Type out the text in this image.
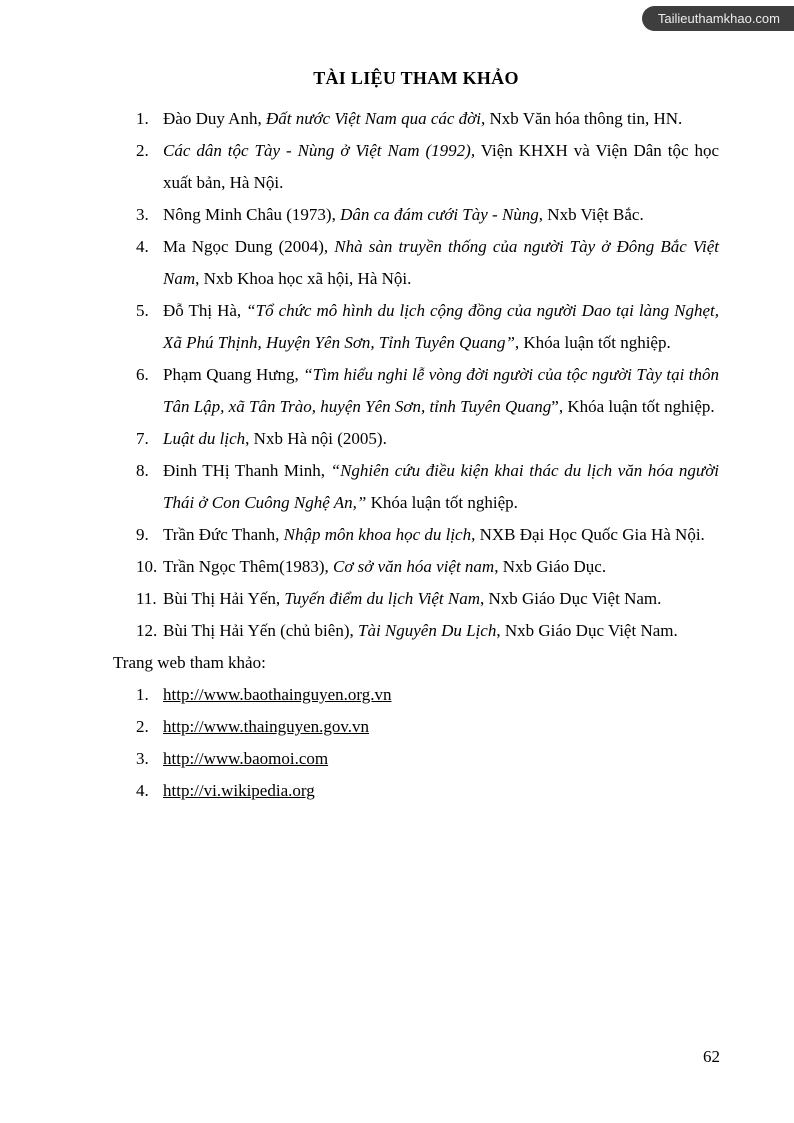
Tailieuthamkhao.com
TÀI LIỆU THAM KHẢO
1. Đào Duy Anh, Đất nước Việt Nam qua các đời, Nxb Văn hóa thông tin, HN.
2. Các dân tộc Tày - Nùng ở Việt Nam (1992), Viện KHXH và Viện Dân tộc học xuất bản, Hà Nội.
3. Nông Minh Châu (1973), Dân ca đám cưới Tày - Nùng, Nxb Việt Bắc.
4. Ma Ngọc Dung (2004), Nhà sàn truyền thống của người Tày ở Đông Bắc Việt Nam, Nxb Khoa học xã hội, Hà Nội.
5. Đỗ Thị Hà, “Tổ chức mô hình du lịch cộng đồng của người Dao tại làng Nghẹt, Xã Phú Thịnh, Huyện Yên Sơn, Tỉnh Tuyên Quang”, Khóa luận tốt nghiệp.
6. Phạm Quang Hưng, “Tìm hiểu nghi lễ vòng đời người của tộc người Tày tại thôn Tân Lập, xã Tân Trào, huyện Yên Sơn, tỉnh Tuyên Quang”, Khóa luận tốt nghiệp.
7. Luật du lịch, Nxb Hà nội (2005).
8. Đinh THị Thanh Minh, “Nghiên cứu điều kiện khai thác du lịch văn hóa người Thái ở Con Cuông Nghệ An,” Khóa luận tốt nghiệp.
9. Trần Đức Thanh, Nhập môn khoa học du lịch, NXB Đại Học Quốc Gia Hà Nội.
10. Trần Ngọc Thêm(1983), Cơ sở văn hóa việt nam, Nxb Giáo Dục.
11. Bùi Thị Hải Yến, Tuyến điểm du lịch Việt Nam, Nxb Giáo Dục Việt Nam.
12. Bùi Thị Hải Yến (chủ biên), Tài Nguyên Du Lịch, Nxb Giáo Dục Việt Nam.
Trang web tham khảo:
1. http://www.baothainguyen.org.vn
2. http://www.thainguyen.gov.vn
3. http://www.baomoi.com
4. http://vi.wikipedia.org
62
